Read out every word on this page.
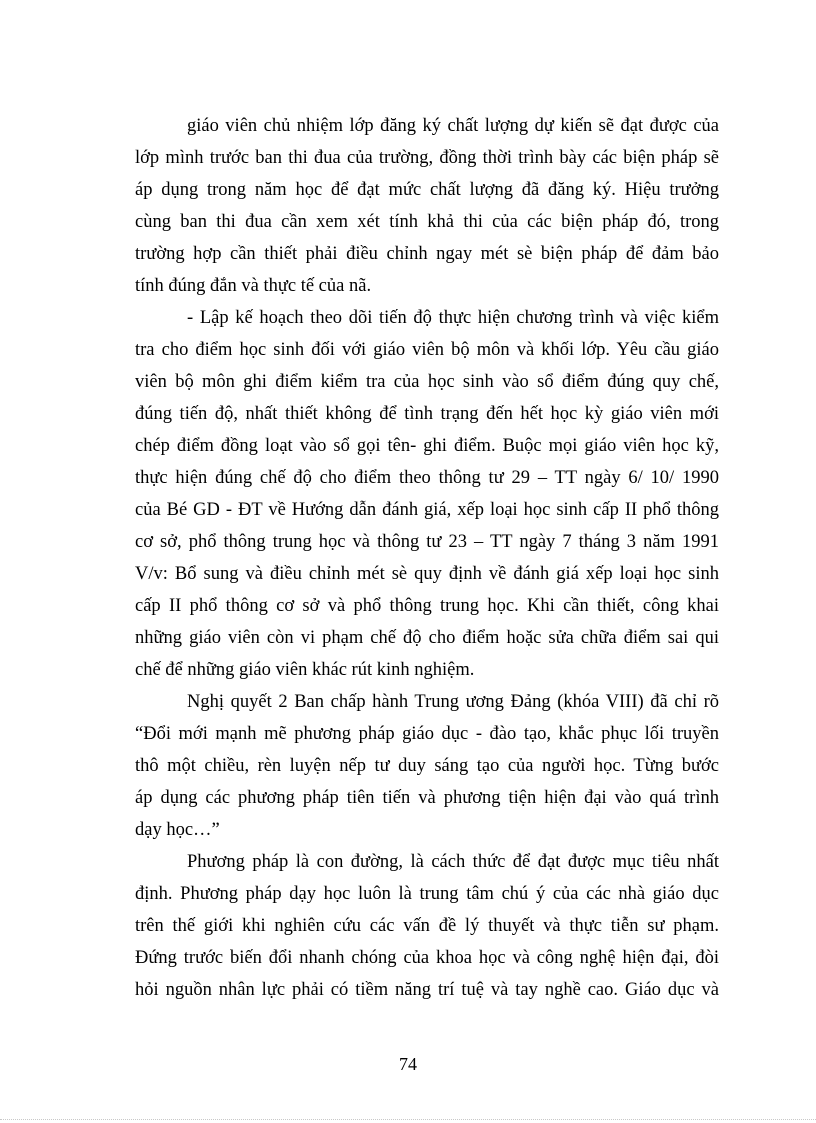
giáo viên chủ nhiệm lớp đăng ký chất lượng dự kiến sẽ đạt được của
lớp mình trước ban thi đua của trường, đồng thời trình bày các biện pháp sẽ
áp dụng trong năm học để đạt mức chất lượng đã đăng ký. Hiệu trưởng
cùng ban thi đua cần xem xét tính khả thi của các biện pháp đó, trong
trường hợp cần thiết phải điều chỉnh ngay mét sè biện pháp để đảm bảo
tính đúng đắn và thực tế của nã.

- Lập kế hoạch theo dõi tiến độ thực hiện chương trình và việc kiểm
tra cho điểm học sinh đối với giáo viên bộ môn và khối lớp. Yêu cầu giáo
viên bộ môn ghi điểm kiểm tra của học sinh vào sổ điểm đúng quy chế,
đúng tiến độ, nhất thiết không để tình trạng đến hết học kỳ giáo viên mới
chép điểm đồng loạt vào sổ gọi tên- ghi điểm. Buộc mọi giáo viên học kỹ,
thực hiện đúng chế độ cho điểm theo thông tư 29 – TT ngày 6/ 10/ 1990
của Bé GD - ĐT về Hướng dẫn đánh giá, xếp loại học sinh cấp II phổ thông
cơ sở, phổ thông trung học và thông tư 23 – TT ngày 7 tháng 3 năm 1991
V/v: Bổ sung và điều chỉnh mét sè quy định về đánh giá xếp loại học sinh
cấp II phổ thông cơ sở và phổ thông trung học. Khi cần thiết, công khai
những giáo viên còn vi phạm chế độ cho điểm hoặc sửa chữa điểm sai qui
chế để những giáo viên khác rút kinh nghiệm.

Nghị quyết 2 Ban chấp hành Trung ương Đảng (khóa VIII) đã chỉ rõ
“Đổi mới mạnh mẽ phương pháp giáo dục - đào tạo, khắc phục lối truyền
thô một chiều, rèn luyện nếp tư duy sáng tạo của người học. Từng bước
áp dụng các phương pháp tiên tiến và phương tiện hiện đại vào quá trình
dạy học…”

Phương pháp là con đường, là cách thức để đạt được mục tiêu nhất
định. Phương pháp dạy học luôn là trung tâm chú ý của các nhà giáo dục
trên thế giới khi nghiên cứu các vấn đề lý thuyết và thực tiễn sư phạm.
Đứng trước biến đổi nhanh chóng của khoa học và công nghệ hiện đại, đòi
hỏi nguồn nhân lực phải có tiềm năng trí tuệ và tay nghề cao. Giáo dục và

74
